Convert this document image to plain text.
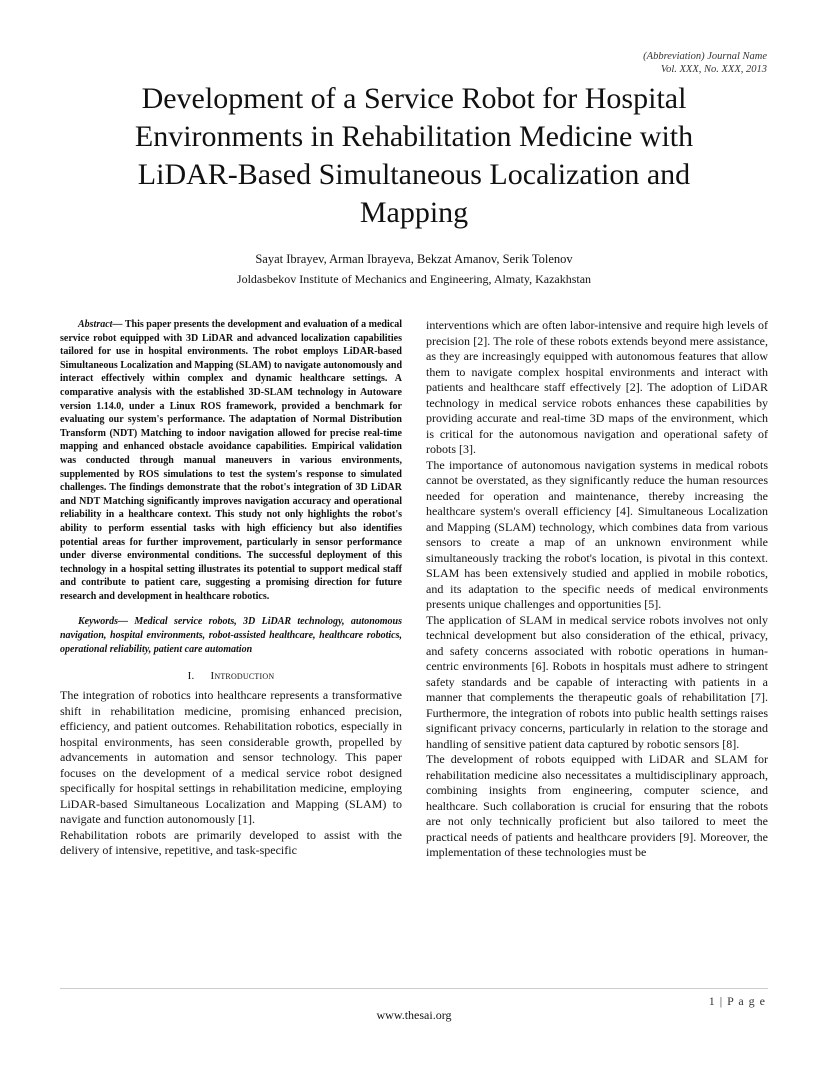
(Abbreviation) Journal Name
Vol. XXX, No. XXX, 2013
Development of a Service Robot for Hospital Environments in Rehabilitation Medicine with LiDAR-Based Simultaneous Localization and Mapping
Sayat Ibrayev, Arman Ibrayeva, Bekzat Amanov, Serik Tolenov
Joldasbekov Institute of Mechanics and Engineering, Almaty, Kazakhstan

Abstract— This paper presents the development and evaluation of a medical service robot equipped with 3D LiDAR and advanced localization capabilities tailored for use in hospital environments. The robot employs LiDAR-based Simultaneous Localization and Mapping (SLAM) to navigate autonomously and interact effectively within complex and dynamic healthcare settings. A comparative analysis with the established 3D-SLAM technology in Autoware version 1.14.0, under a Linux ROS framework, provided a benchmark for evaluating our system's performance. The adaptation of Normal Distribution Transform (NDT) Matching to indoor navigation allowed for precise real-time mapping and enhanced obstacle avoidance capabilities. Empirical validation was conducted through manual maneuvers in various environments, supplemented by ROS simulations to test the system's response to simulated challenges. The findings demonstrate that the robot's integration of 3D LiDAR and NDT Matching significantly improves navigation accuracy and operational reliability in a healthcare context. This study not only highlights the robot's ability to perform essential tasks with high efficiency but also identifies potential areas for further improvement, particularly in sensor performance under diverse environmental conditions. The successful deployment of this technology in a hospital setting illustrates its potential to support medical staff and contribute to patient care, suggesting a promising direction for future research and development in healthcare robotics.

Keywords— Medical service robots, 3D LiDAR technology, autonomous navigation, hospital environments, robot-assisted healthcare, healthcare robotics, operational reliability, patient care automation

I. Introduction

The integration of robotics into healthcare represents a transformative shift in rehabilitation medicine, promising enhanced precision, efficiency, and patient outcomes. Rehabilitation robotics, especially in hospital environments, has seen considerable growth, propelled by advancements in automation and sensor technology. This paper focuses on the development of a medical service robot designed specifically for hospital settings in rehabilitation medicine, employing LiDAR-based Simultaneous Localization and Mapping (SLAM) to navigate and function autonomously [1].

Rehabilitation robots are primarily developed to assist with the delivery of intensive, repetitive, and task-specific

interventions which are often labor-intensive and require high levels of precision [2]. The role of these robots extends beyond mere assistance, as they are increasingly equipped with autonomous features that allow them to navigate complex hospital environments and interact with patients and healthcare staff effectively [2]. The adoption of LiDAR technology in medical service robots enhances these capabilities by providing accurate and real-time 3D maps of the environment, which is critical for the autonomous navigation and operational safety of robots [3].

The importance of autonomous navigation systems in medical robots cannot be overstated, as they significantly reduce the human resources needed for operation and maintenance, thereby increasing the healthcare system's overall efficiency [4]. Simultaneous Localization and Mapping (SLAM) technology, which combines data from various sensors to create a map of an unknown environment while simultaneously tracking the robot's location, is pivotal in this context. SLAM has been extensively studied and applied in mobile robotics, and its adaptation to the specific needs of medical environments presents unique challenges and opportunities [5].

The application of SLAM in medical service robots involves not only technical development but also consideration of the ethical, privacy, and safety concerns associated with robotic operations in human-centric environments [6]. Robots in hospitals must adhere to stringent safety standards and be capable of interacting with patients in a manner that complements the therapeutic goals of rehabilitation [7]. Furthermore, the integration of robots into public health settings raises significant privacy concerns, particularly in relation to the storage and handling of sensitive patient data captured by robotic sensors [8].

The development of robots equipped with LiDAR and SLAM for rehabilitation medicine also necessitates a multidisciplinary approach, combining insights from engineering, computer science, and healthcare. Such collaboration is crucial for ensuring that the robots are not only technically proficient but also tailored to meet the practical needs of patients and healthcare providers [9]. Moreover, the implementation of these technologies must be

1 | P a g e
www.thesai.org
